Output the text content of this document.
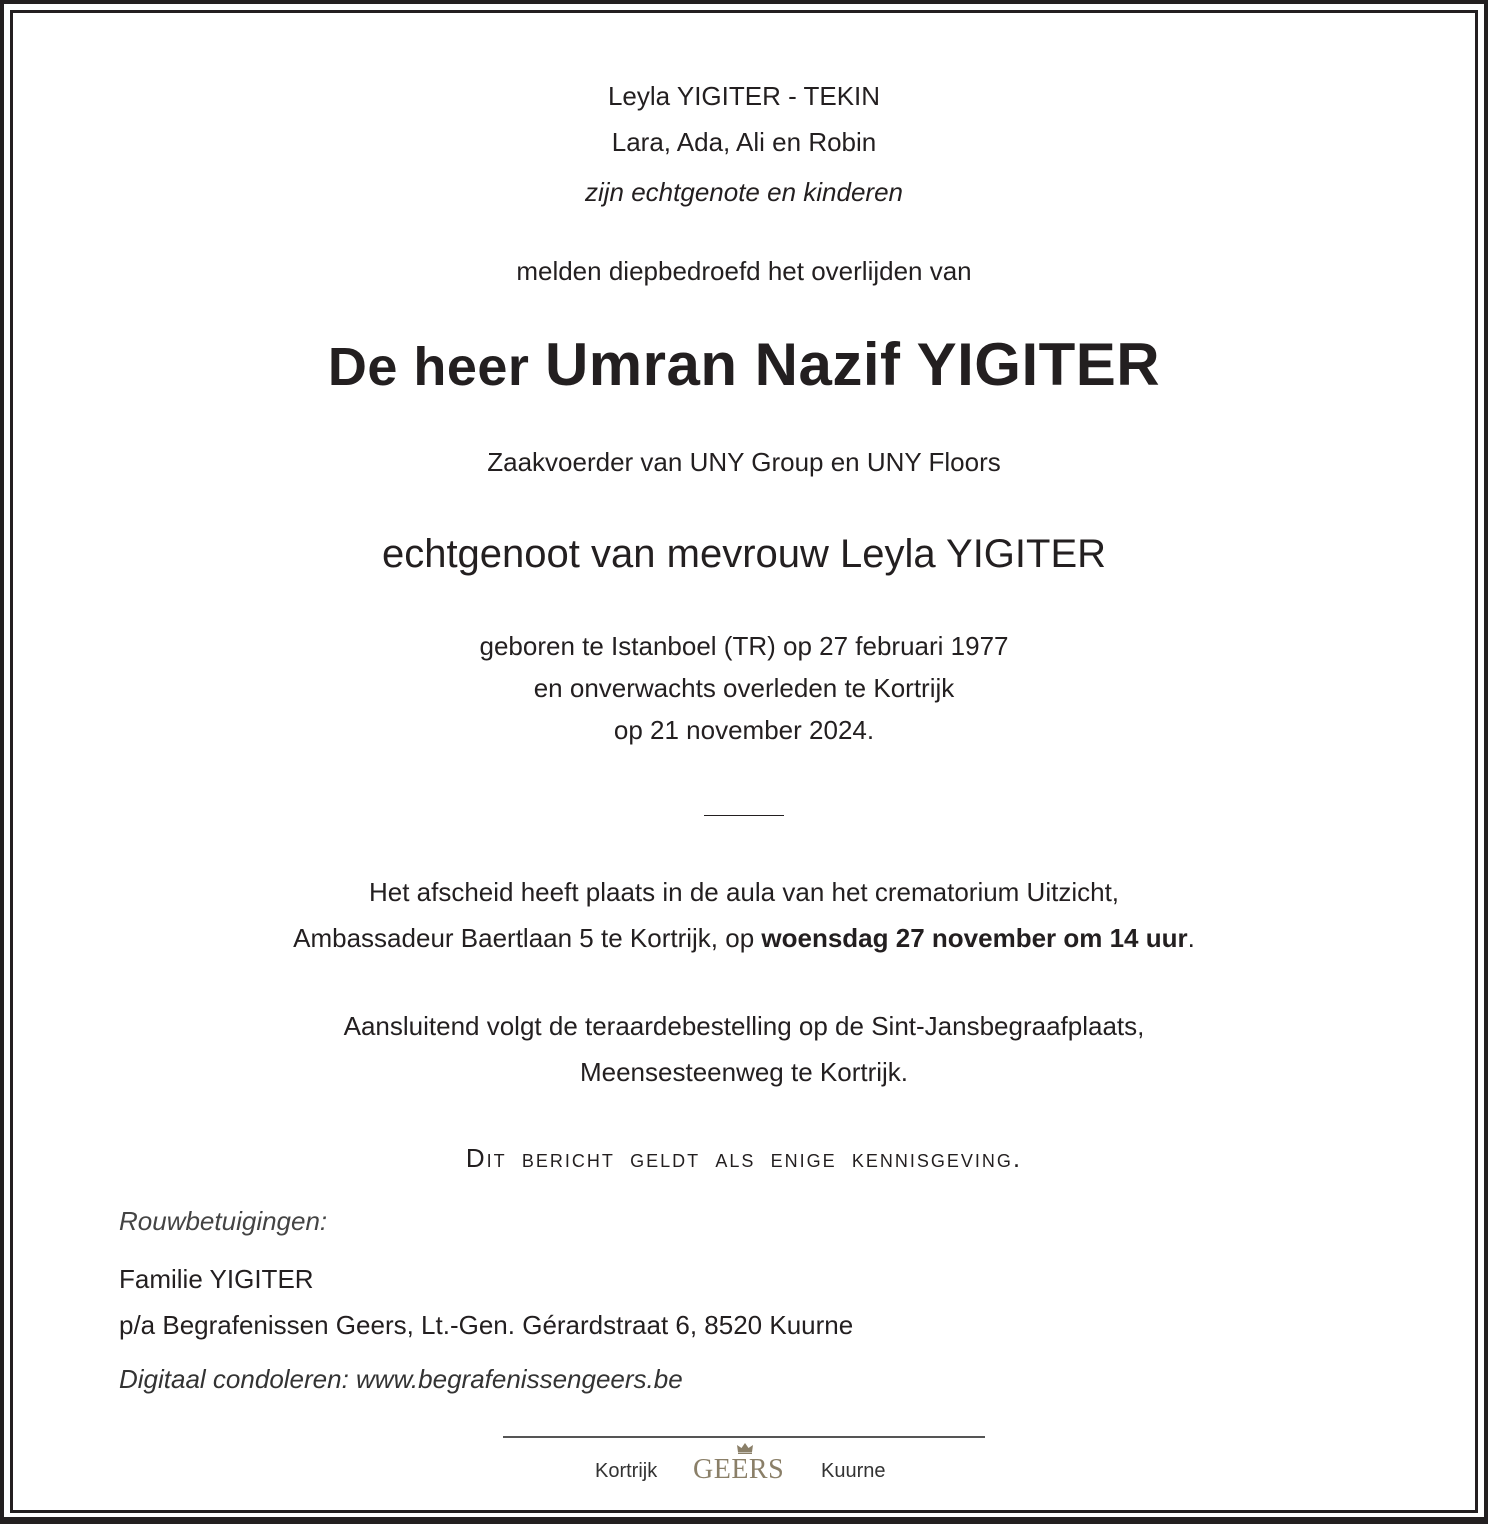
Leyla YIGITER - TEKIN
Lara, Ada, Ali en Robin
zijn echtgenote en kinderen
melden diepbedroefd het overlijden van
De heer Umran Nazif YIGITER
Zaakvoerder van UNY Group en UNY Floors
echtgenoot van mevrouw Leyla YIGITER
geboren te Istanboel (TR) op 27 februari 1977
en onverwachts overleden te Kortrijk
op 21 november 2024.
Het afscheid heeft plaats in de aula van het crematorium Uitzicht,
Ambassadeur Baertlaan 5 te Kortrijk, op woensdag 27 november om 14 uur.
Aansluitend volgt de teraardebestelling op de Sint-Jansbegraafplaats,
Meensesteenweg te Kortrijk.
Dit bericht geldt als enige kennisgeving.
Rouwbetuigingen:
Familie YIGITER
p/a Begrafenissen Geers, Lt.-Gen. Gérardstraat 6, 8520 Kuurne
Digitaal condoleren: www.begrafenissengeers.be
Kortrijk GEERS Kuurne
